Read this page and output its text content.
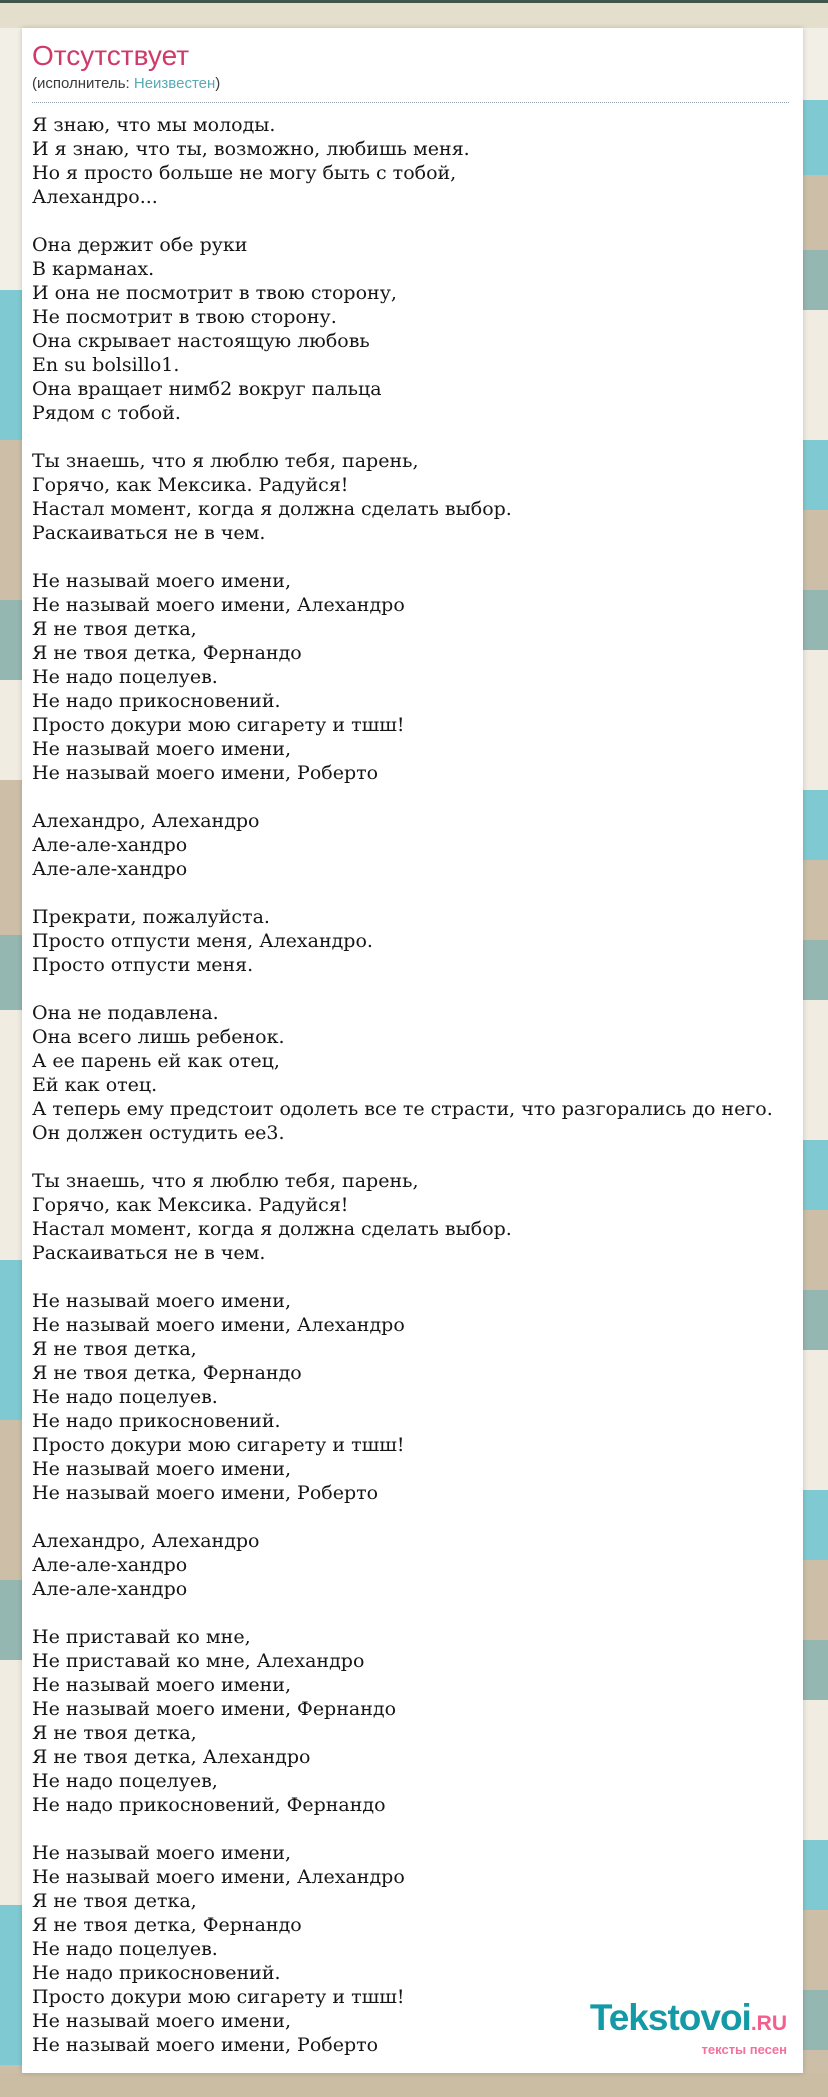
Отсутствует
(исполнитель: Неизвестен)
Я знаю, что мы молоды.
И я знаю, что ты, возможно, любишь меня.
Но я просто больше не могу быть с тобой,
Алехандро...
Она держит обе руки
В карманах.
И она не посмотрит в твою сторону,
Не посмотрит в твою сторону.
Она скрывает настоящую любовь
En su bolsillo1.
Она вращает нимб2 вокруг пальца
Рядом с тобой.
Ты знаешь, что я люблю тебя, парень,
Горячо, как Мексика. Радуйся!
Настал момент, когда я должна сделать выбор.
Раскаиваться не в чем.
Не называй моего имени,
Не называй моего имени, Алехандро
Я не твоя детка,
Я не твоя детка, Фернандо
Не надо поцелуев.
Не надо прикосновений.
Просто докури мою сигарету и тшш!
Не называй моего имени,
Не называй моего имени, Роберто
Алехандро, Алехандро
Але-але-хандро
Але-але-хандро
Прекрати, пожалуйста.
Просто отпусти меня, Алехандро.
Просто отпусти меня.
Она не подавлена.
Она всего лишь ребенок.
А ее парень ей как отец,
Ей как отец.
А теперь ему предстоит одолеть все те страсти, что разгорались до него.
Он должен остудить ее3.
Ты знаешь, что я люблю тебя, парень,
Горячо, как Мексика. Радуйся!
Настал момент, когда я должна сделать выбор.
Раскаиваться не в чем.
Не называй моего имени,
Не называй моего имени, Алехандро
Я не твоя детка,
Я не твоя детка, Фернандо
Не надо поцелуев.
Не надо прикосновений.
Просто докури мою сигарету и тшш!
Не называй моего имени,
Не называй моего имени, Роберто
Алехандро, Алехандро
Але-але-хандро
Але-але-хандро
Не приставай ко мне,
Не приставай ко мне, Алехандро
Не называй моего имени,
Не называй моего имени, Фернандо
Я не твоя детка,
Я не твоя детка, Алехандро
Не надо поцелуев,
Не надо прикосновений, Фернандо
Не называй моего имени,
Не называй моего имени, Алехандро
Я не твоя детка,
Я не твоя детка, Фернандо
Не надо поцелуев.
Не надо прикосновений.
Просто докури мою сигарету и тшш!
Не называй моего имени,
Не называй моего имени, Роберто
Tekstovoi.RU
тексты песен
